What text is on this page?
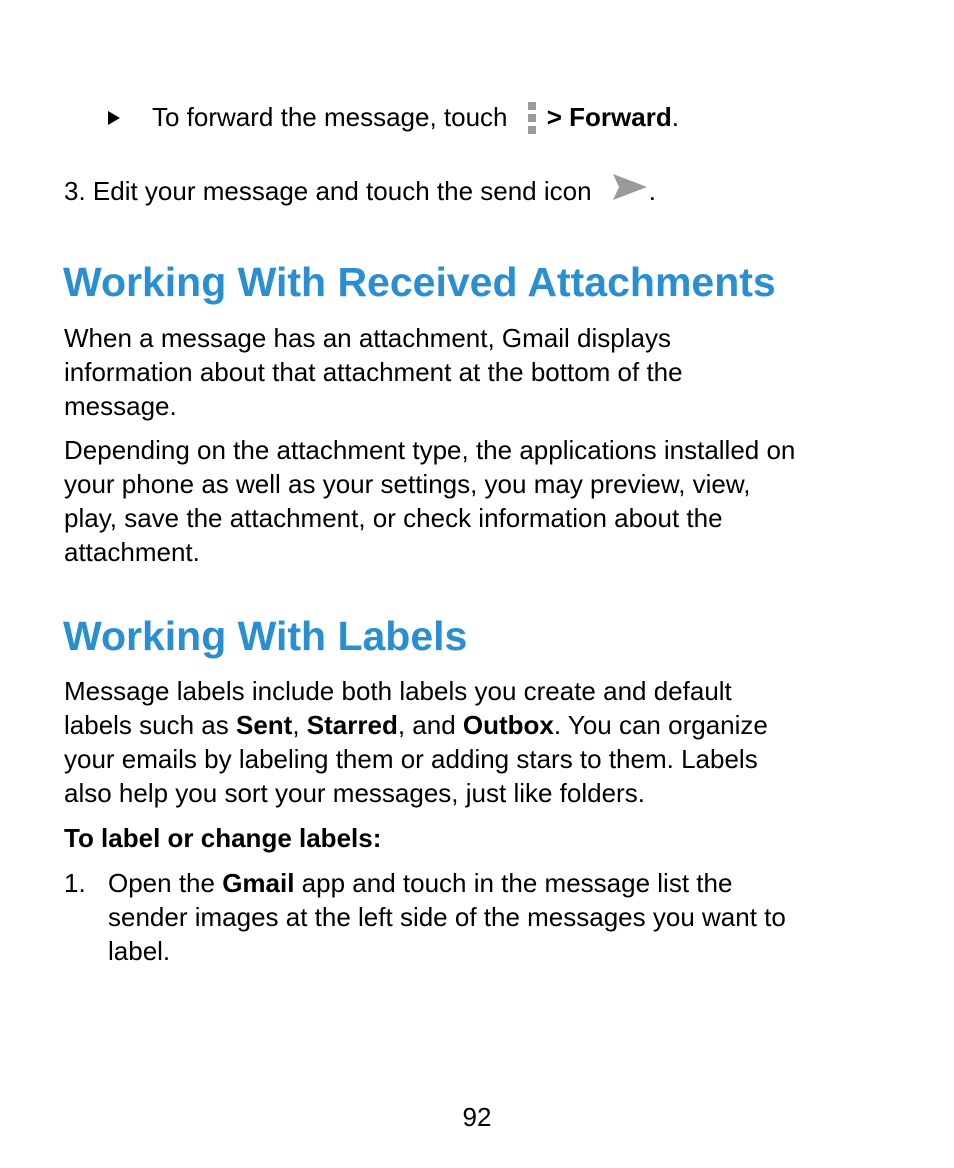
To forward the message, touch > Forward.
3. Edit your message and touch the send icon .
Working With Received Attachments
When a message has an attachment, Gmail displays
information about that attachment at the bottom of the
message.
Depending on the attachment type, the applications installed on
your phone as well as your settings, you may preview, view,
play, save the attachment, or check information about the
attachment.
Working With Labels
Message labels include both labels you create and default
labels such as Sent, Starred, and Outbox. You can organize
your emails by labeling them or adding stars to them. Labels
also help you sort your messages, just like folders.
To label or change labels:
1. Open the Gmail app and touch in the message list the
sender images at the left side of the messages you want to
label.
92
